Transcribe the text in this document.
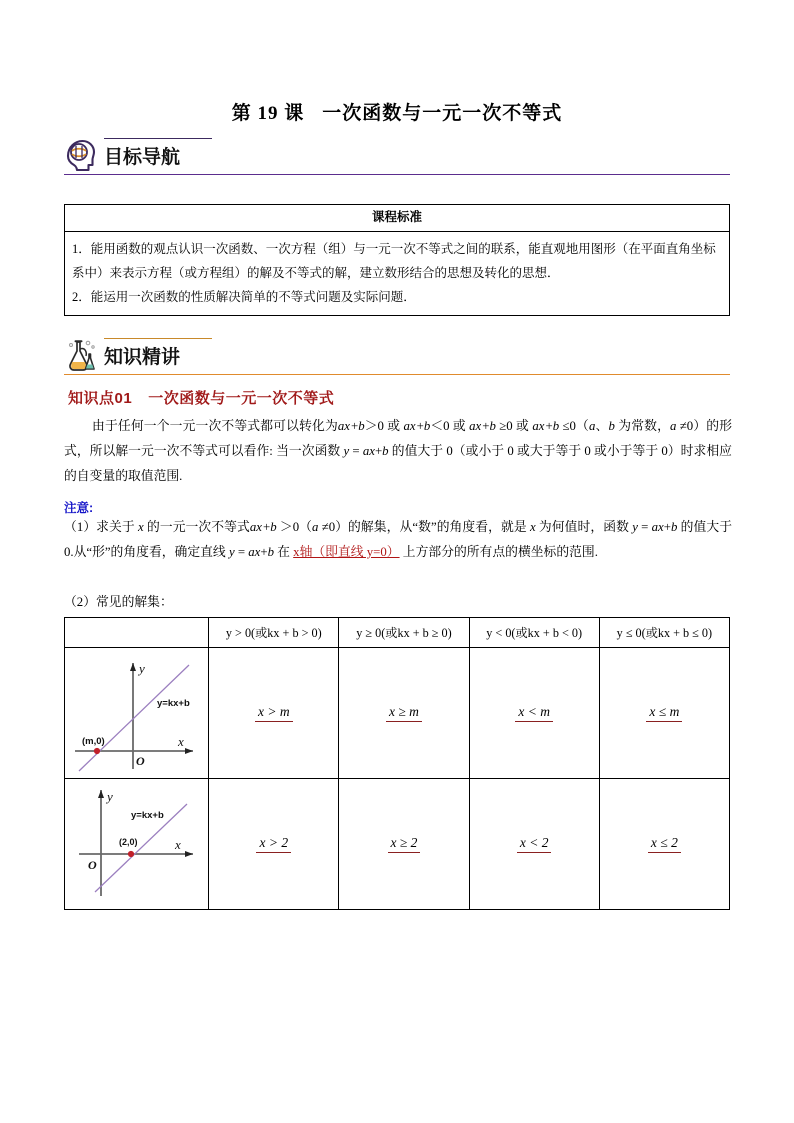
第 19 课 一次函数与一元一次不等式
目标导航
课程标准

1．能用函数的观点认识一次函数、一次方程（组）与一元一次不等式之间的联系，能直观地用图形（在平面直角坐标系中）来表示方程（或方程组）的解及不等式的解，建立数形结合的思想及转化的思想．
2．能运用一次函数的性质解决简单的不等式问题及实际问题．
知识精讲
知识点01 一次函数与一元一次不等式
由于任何一个一元一次不等式都可以转化为ax +b＞0 或 ax +b＜0 或 ax +b ≥0 或 ax +b ≤0（a、b 为常数，a ≠0）的形式，所以解一元一次不等式可以看作: 当一次函数 y = ax+b 的值大于 0（或小于 0 或大于等于 0 或小于等于 0）时求相应的自变量的取值范围.
注意:
（1）求关于 x 的一元一次不等式ax +b ＞0（a ≠0）的解集，从“数”的角度看，就是 x 为何值时，函数 y = ax+b 的值大于 0.从“形”的角度看，确定直线 y = ax+b 在 x轴（即直线 y=0） 上方部分的所有点的横坐标的范围.
（2）常见的解集：
	y > 0(或kx + b > 0)	y ≥ 0(或kx + b ≥ 0)	y < 0(或kx + b < 0)	y ≤ 0(或kx + b ≤ 0)

y
x
O
(m,0)
y=kx+b	x > m	x ≥ m	x < m	x ≤ m

y
x
O
(2,0)
y=kx+b	x > 2	x ≥ 2	x < 2	x ≤ 2
